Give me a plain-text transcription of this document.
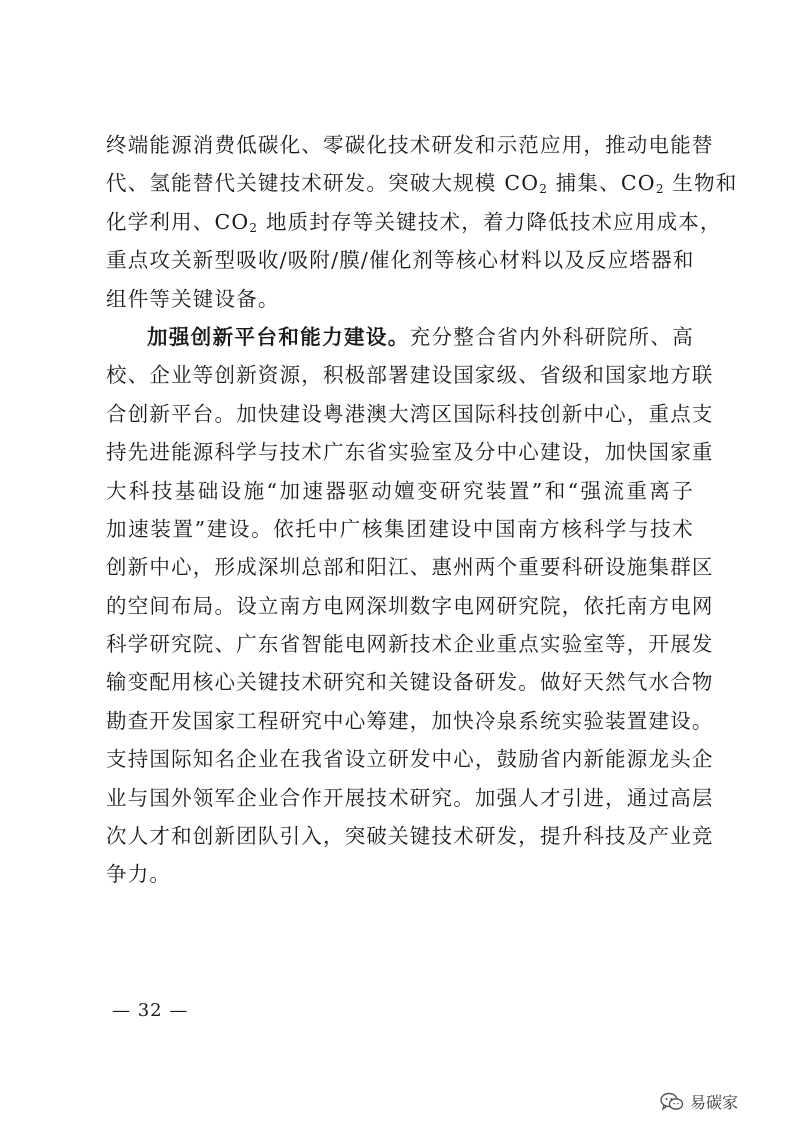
终端能源消费低碳化、零碳化技术研发和示范应用，推动电能替
代、氢能替代关键技术研发。突破大规模 $CO_2$ 捕集、$CO_2$ 生物和
化学利用、$CO_2$ 地质封存等关键技术，着力降低技术应用成本，
重点攻关新型吸收/吸附/膜/催化剂等核心材料以及反应塔器和
组件等关键设备。
加强创新平台和能力建设。充分整合省内外科研院所、高
校、企业等创新资源，积极部署建设国家级、省级和国家地方联
合创新平台。加快建设粤港澳大湾区国际科技创新中心，重点支
持先进能源科学与技术广东省实验室及分中心建设，加快国家重
大科技基础设施“加速器驱动嬗变研究装置”和“强流重离子
加速装置”建设。依托中广核集团建设中国南方核科学与技术
创新中心，形成深圳总部和阳江、惠州两个重要科研设施集群区
的空间布局。设立南方电网深圳数字电网研究院，依托南方电网
科学研究院、广东省智能电网新技术企业重点实验室等，开展发
输变配用核心关键技术研究和关键设备研发。做好天然气水合物
勘查开发国家工程研究中心筹建，加快冷泉系统实验装置建设。
支持国际知名企业在我省设立研发中心，鼓励省内新能源龙头企
业与国外领军企业合作开展技术研究。加强人才引进，通过高层
次人才和创新团队引入，突破关键技术研发，提升科技及产业竞
争力。
— 32 —
易碳家
